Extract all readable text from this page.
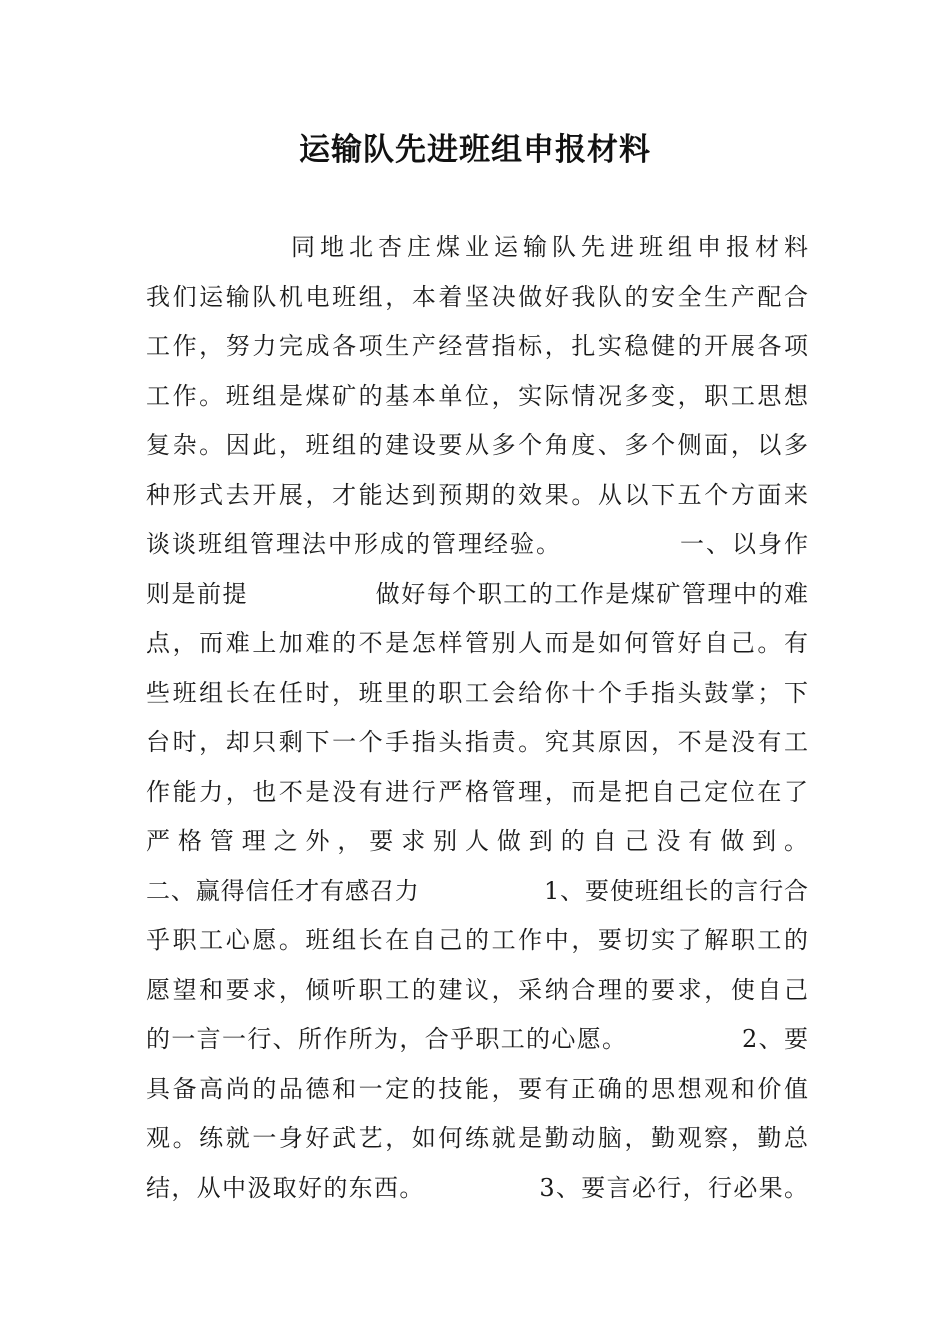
运输队先进班组申报材料
　　　　　同地北杏庄煤业运输队先进班组申报材料
我们运输队机电班组，本着坚决做好我队的安全生产配合
工作，努力完成各项生产经营指标，扎实稳健的开展各项
工作。班组是煤矿的基本单位，实际情况多变，职工思想
复杂。因此，班组的建设要从多个角度、多个侧面，以多
种形式去开展，才能达到预期的效果。从以下五个方面来
谈谈班组管理法中形成的管理经验。　　　　　一、以身作
则是前提　　　　　做好每个职工的工作是煤矿管理中的难
点，而难上加难的不是怎样管别人而是如何管好自己。有
些班组长在任时，班里的职工会给你十个手指头鼓掌；下
台时，却只剩下一个手指头指责。究其原因，不是没有工
作能力，也不是没有进行严格管理，而是把自己定位在了
严格管理之外，要求别人做到的自己没有做到。
二、赢得信任才有感召力　　　　　1、要使班组长的言行合
乎职工心愿。班组长在自己的工作中，要切实了解职工的
愿望和要求，倾听职工的建议，采纳合理的要求，使自己
的一言一行、所作所为，合乎职工的心愿。　　　　　2、要
具备高尚的品德和一定的技能，要有正确的思想观和价值
观。练就一身好武艺，如何练就是勤动脑，勤观察，勤总
结，从中汲取好的东西。　　　　　3、要言必行，行必果。
